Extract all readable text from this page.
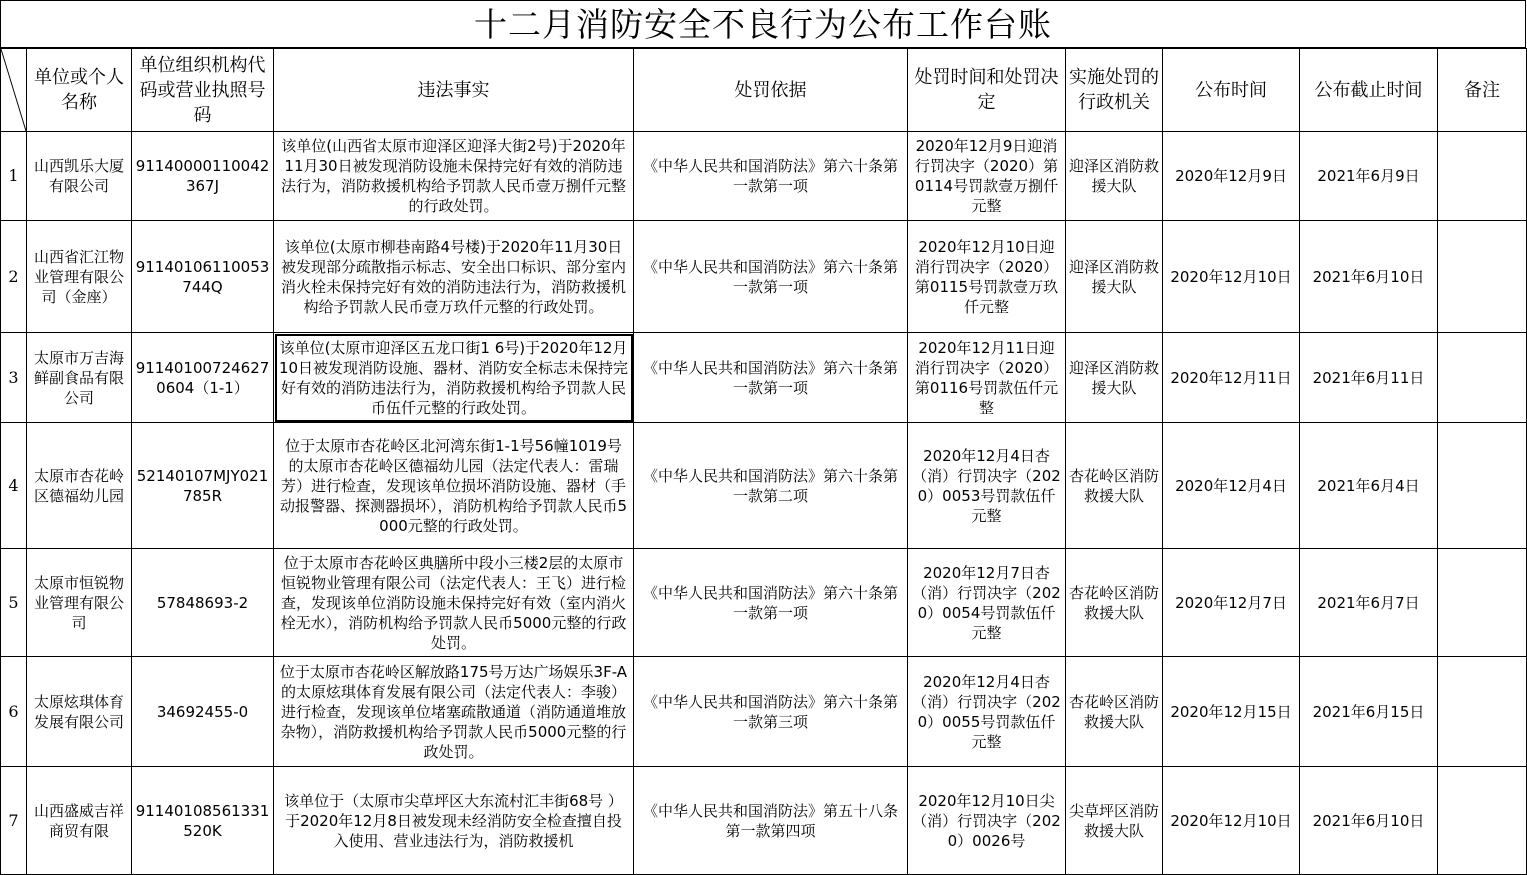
十二月消防安全不良行为公布工作台账
	单位或个人名称	单位组织机构代码或营业执照号码	违法事实	处罚依据	处罚时间和处罚决定	实施处罚的行政机关	公布时间	公布截止时间	备注
1	山西凯乐大厦有限公司	91140000110042367J	该单位(山西省太原市迎泽区迎泽大街2号)于2020年11月30日被发现消防设施未保持完好有效的消防违法行为，消防救援机构给予罚款人民币壹万捌仟元整的行政处罚。	《中华人民共和国消防法》第六十条第一款第一项	2020年12月9日迎消行罚决字（2020）第0114号罚款壹万捌仟元整	迎泽区消防救援大队	2020年12月9日	2021年6月9日	
2	山西省汇江物业管理有限公司（金座）	91140106110053744Q	该单位(太原市柳巷南路4号楼)于2020年11月30日被发现部分疏散指示标志、安全出口标识、部分室内消火栓未保持完好有效的消防违法行为，消防救援机构给予罚款人民币壹万玖仟元整的行政处罚。	《中华人民共和国消防法》第六十条第一款第一项	2020年12月10日迎消行罚决字（2020）第0115号罚款壹万玖仟元整	迎泽区消防救援大队	2020年12月10日	2021年6月10日	
3	太原市万吉海鲜副食品有限公司	911401007246270604（1-1）	该单位(太原市迎泽区五龙口街1 6号)于2020年12月10日被发现消防设施、器材、消防安全标志未保持完好有效的消防违法行为，消防救援机构给予罚款人民币伍仟元整的行政处罚。	《中华人民共和国消防法》第六十条第一款第一项	2020年12月11日迎消行罚决字（2020）第0116号罚款伍仟元整	迎泽区消防救援大队	2020年12月11日	2021年6月11日	
4	太原市杏花岭区德福幼儿园	52140107MJY021785R	位于太原市杏花岭区北河湾东街1-1号56幢1019号的太原市杏花岭区德福幼儿园（法定代表人：雷瑞芳）进行检查，发现该单位损坏消防设施、器材（手动报警器、探测器损坏），消防机构给予罚款人民币5000元整的行政处罚。	《中华人民共和国消防法》第六十条第一款第二项	2020年12月4日杏（消）行罚决字（2020）0053号罚款伍仟元整	杏花岭区消防救援大队	2020年12月4日	2021年6月4日	
5	太原市恒锐物业管理有限公司	57848693-2	位于太原市杏花岭区典膳所中段小三楼2层的太原市恒锐物业管理有限公司（法定代表人：王飞）进行检查，发现该单位消防设施未保持完好有效（室内消火栓无水），消防机构给予罚款人民币5000元整的行政处罚。	《中华人民共和国消防法》第六十条第一款第一项	2020年12月7日杏（消）行罚决字（2020）0054号罚款伍仟元整	杏花岭区消防救援大队	2020年12月7日	2021年6月7日	
6	太原炫琪体育发展有限公司	34692455-0	位于太原市杏花岭区解放路175号万达广场娱乐3F-A的太原炫琪体育发展有限公司（法定代表人：李骏）进行检查，发现该单位堵塞疏散通道（消防通道堆放杂物），消防救援机构给予罚款人民币5000元整的行政处罚。	《中华人民共和国消防法》第六十条第一款第三项	2020年12月4日杏（消）行罚决字（2020）0055号罚款伍仟元整	杏花岭区消防救援大队	2020年12月15日	2021年6月15日	
7	山西盛威吉祥商贸有限	91140108561331520K	该单位于（太原市尖草坪区大东流村汇丰街68号 ）于2020年12月8日被发现未经消防安全检查擅自投入使用、营业违法行为，消防救援机	《中华人民共和国消防法》第五十八条第一款第四项	2020年12月10日尖（消）行罚决字（2020）0026号	尖草坪区消防救援大队	2020年12月10日	2021年6月10日	
